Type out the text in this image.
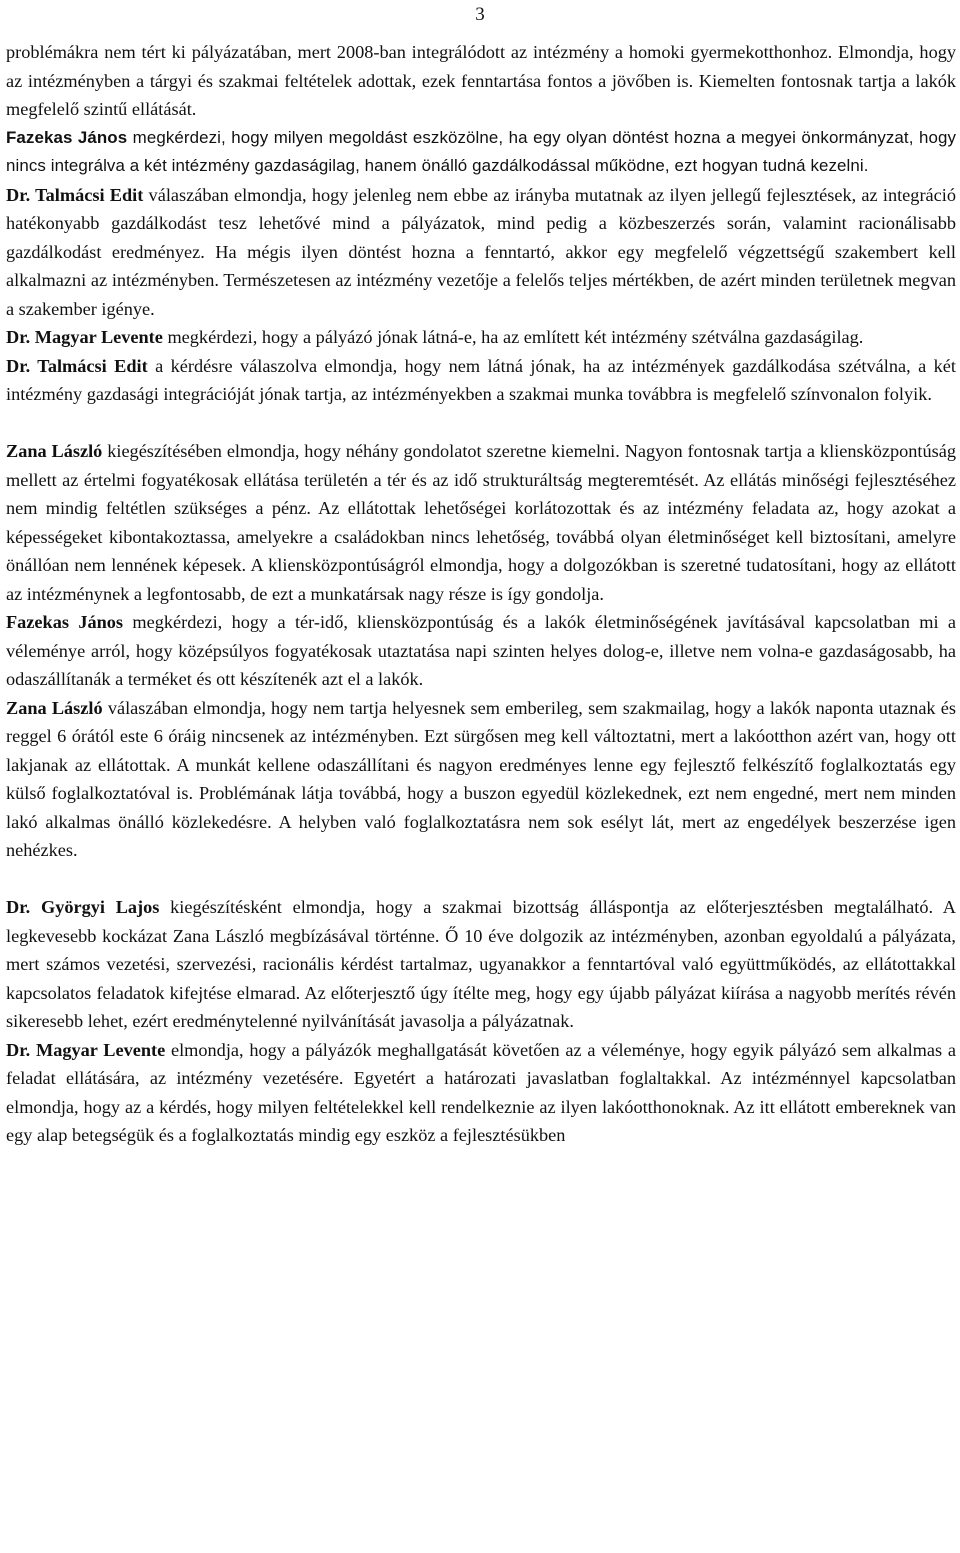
3

problémákra nem tért ki pályázatában, mert 2008-ban integrálódott az intézmény a homoki gyermekotthonhoz. Elmondja, hogy az intézményben a tárgyi és szakmai feltételek adottak, ezek fenntartása fontos a jövőben is. Kiemelten fontosnak tartja a lakók megfelelő szintű ellátását.

Fazekas János megkérdezi, hogy milyen megoldást eszközölne, ha egy olyan döntést hozna a megyei önkormányzat, hogy nincs integrálva a két intézmény gazdaságilag, hanem önálló gazdálkodással működne, ezt hogyan tudná kezelni.

Dr. Talmácsi Edit válaszában elmondja, hogy jelenleg nem ebbe az irányba mutatnak az ilyen jellegű fejlesztések, az integráció hatékonyabb gazdálkodást tesz lehetővé mind a pályázatok, mind pedig a közbeszerzés során, valamint racionálisabb gazdálkodást eredményez. Ha mégis ilyen döntést hozna a fenntartó, akkor egy megfelelő végzettségű szakembert kell alkalmazni az intézményben. Természetesen az intézmény vezetője a felelős teljes mértékben, de azért minden területnek megvan a szakember igénye.

Dr. Magyar Levente megkérdezi, hogy a pályázó jónak látná-e, ha az említett két intézmény szétválna gazdaságilag.

Dr. Talmácsi Edit a kérdésre válaszolva elmondja, hogy nem látná jónak, ha az intézmények gazdálkodása szétválna, a két intézmény gazdasági integrációját jónak tartja, az intézményekben a szakmai munka továbbra is megfelelő színvonalon folyik.

Zana László kiegészítésében elmondja, hogy néhány gondolatot szeretne kiemelni. Nagyon fontosnak tartja a kliensközpontúság mellett az értelmi fogyatékosak ellátása területén a tér és az idő strukturáltság megteremtését. Az ellátás minőségi fejlesztéséhez nem mindig feltétlen szükséges a pénz. Az ellátottak lehetőségei korlátozottak és az intézmény feladata az, hogy azokat a képességeket kibontakoztassa, amelyekre a családokban nincs lehetőség, továbbá olyan életminőséget kell biztosítani, amelyre önállóan nem lennének képesek. A kliensközpontúságról elmondja, hogy a dolgozókban is szeretné tudatosítani, hogy az ellátott az intézménynek a legfontosabb, de ezt a munkatársak nagy része is így gondolja.

Fazekas János megkérdezi, hogy a tér-idő, kliensközpontúság és a lakók életminőségének javításával kapcsolatban mi a véleménye arról, hogy középsúlyos fogyatékosak utaztatása napi szinten helyes dolog-e, illetve nem volna-e gazdaságosabb, ha odaszállítanák a terméket és ott készítenék azt el a lakók.

Zana László válaszában elmondja, hogy nem tartja helyesnek sem emberileg, sem szakmailag, hogy a lakók naponta utaznak és reggel 6 órától este 6 óráig nincsenek az intézményben. Ezt sürgősen meg kell változtatni, mert a lakóotthon azért van, hogy ott lakjanak az ellátottak. A munkát kellene odaszállítani és nagyon eredményes lenne egy fejlesztő felkészítő foglalkoztatás egy külső foglalkoztatóval is. Problémának látja továbbá, hogy a buszon egyedül közlekednek, ezt nem engedné, mert nem minden lakó alkalmas önálló közlekedésre. A helyben való foglalkoztatásra nem sok esélyt lát, mert az engedélyek beszerzése igen nehézkes.

Dr. Györgyi Lajos kiegészítésként elmondja, hogy a szakmai bizottság álláspontja az előterjesztésben megtalálható. A legkevesebb kockázat Zana László megbízásával történne. Ő 10 éve dolgozik az intézményben, azonban egyoldalú a pályázata, mert számos vezetési, szervezési, racionális kérdést tartalmaz, ugyanakkor a fenntartóval való együttműködés, az ellátottakkal kapcsolatos feladatok kifejtése elmarad. Az előterjesztő úgy ítélte meg, hogy egy újabb pályázat kiírása a nagyobb merítés révén sikeresebb lehet, ezért eredménytelenné nyilvánítását javasolja a pályázatnak.

Dr. Magyar Levente elmondja, hogy a pályázók meghallgatását követően az a véleménye, hogy egyik pályázó sem alkalmas a feladat ellátására, az intézmény vezetésére. Egyetért a határozati javaslatban foglaltakkal. Az intézménnyel kapcsolatban elmondja, hogy az a kérdés, hogy milyen feltételekkel kell rendelkeznie az ilyen lakóotthonoknak. Az itt ellátott embereknek van egy alap betegségük és a foglalkoztatás mindig egy eszköz a fejlesztésükben
